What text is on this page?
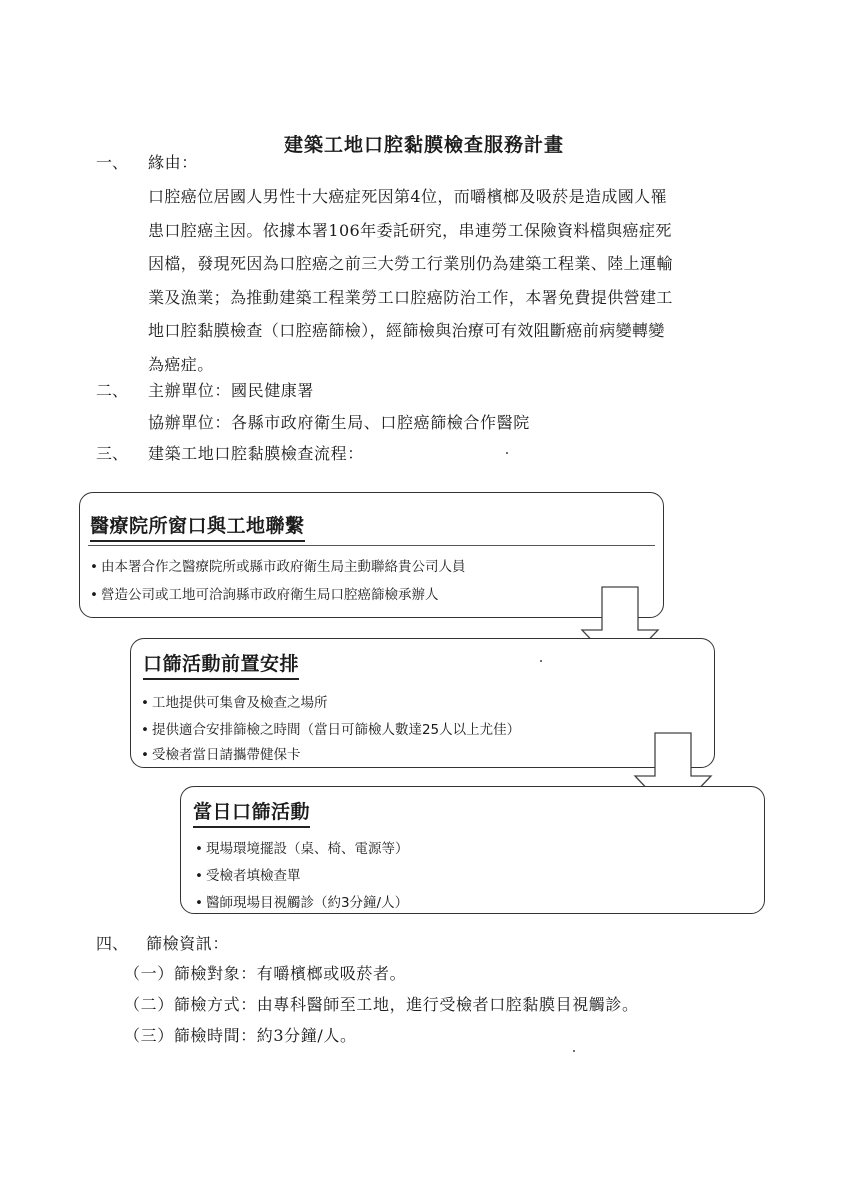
建築工地口腔黏膜檢查服務計畫
一、 緣由：
口腔癌位居國人男性十大癌症死因第4位，而嚼檳榔及吸菸是造成國人罹
患口腔癌主因。依據本署106年委託研究，串連勞工保險資料檔與癌症死
因檔，發現死因為口腔癌之前三大勞工行業別仍為建築工程業、陸上運輸
業及漁業；為推動建築工程業勞工口腔癌防治工作，本署免費提供營建工
地口腔黏膜檢查（口腔癌篩檢），經篩檢與治療可有效阻斷癌前病變轉變
為癌症。
二、 主辦單位：國民健康署
協辦單位：各縣市政府衛生局、口腔癌篩檢合作醫院
三、 建築工地口腔黏膜檢查流程：
醫療院所窗口與工地聯繫
• 由本署合作之醫療院所或縣市政府衛生局主動聯絡貴公司人員
• 營造公司或工地可洽詢縣市政府衛生局口腔癌篩檢承辦人
口篩活動前置安排
• 工地提供可集會及檢查之場所
• 提供適合安排篩檢之時間（當日可篩檢人數達25人以上尤佳）
• 受檢者當日請攜帶健保卡
當日口篩活動
• 現場環境擺設（桌、椅、電源等）
• 受檢者填檢查單
• 醫師現場目視觸診（約3分鐘/人）
四、 篩檢資訊：
（一）篩檢對象：有嚼檳榔或吸菸者。
（二）篩檢方式：由專科醫師至工地，進行受檢者口腔黏膜目視觸診。
（三）篩檢時間：約3分鐘/人。
